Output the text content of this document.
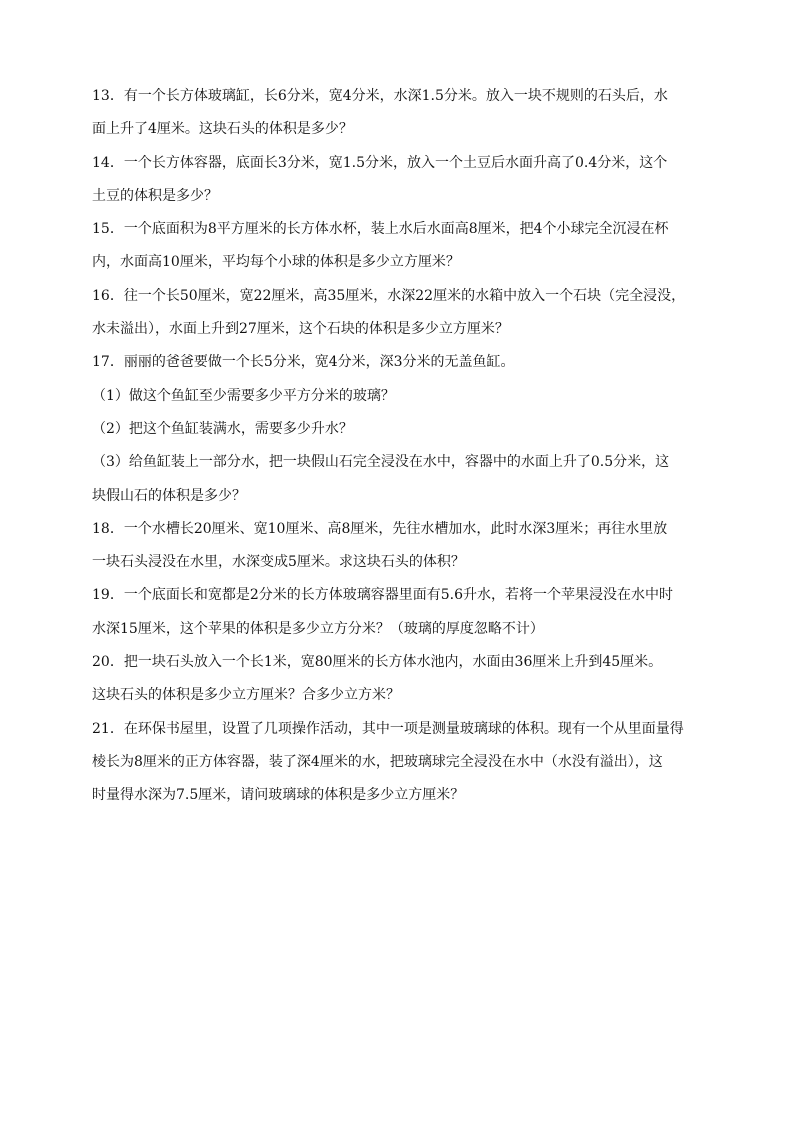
13．有一个长方体玻璃缸，长6分米，宽4分米，水深1.5分米。放入一块不规则的石头后，水
面上升了4厘米。这块石头的体积是多少？
14．一个长方体容器，底面长3分米，宽1.5分米，放入一个土豆后水面升高了0.4分米，这个
土豆的体积是多少？
15．一个底面积为8平方厘米的长方体水杯，装上水后水面高8厘米，把4个小球完全沉浸在杯
内，水面高10厘米，平均每个小球的体积是多少立方厘米？
16．往一个长50厘米，宽22厘米，高35厘米，水深22厘米的水箱中放入一个石块（完全浸没，
水未溢出），水面上升到27厘米，这个石块的体积是多少立方厘米？
17．丽丽的爸爸要做一个长5分米，宽4分米，深3分米的无盖鱼缸。
（1）做这个鱼缸至少需要多少平方分米的玻璃？
（2）把这个鱼缸装满水，需要多少升水？
（3）给鱼缸装上一部分水，把一块假山石完全浸没在水中，容器中的水面上升了0.5分米，这
块假山石的体积是多少？
18．一个水槽长20厘米、宽10厘米、高8厘米，先往水槽加水，此时水深3厘米；再往水里放
一块石头浸没在水里，水深变成5厘米。求这块石头的体积？
19．一个底面长和宽都是2分米的长方体玻璃容器里面有5.6升水，若将一个苹果浸没在水中时
水深15厘米，这个苹果的体积是多少立方分米？（玻璃的厚度忽略不计）
20．把一块石头放入一个长1米，宽80厘米的长方体水池内，水面由36厘米上升到45厘米。
这块石头的体积是多少立方厘米？合多少立方米？
21．在环保书屋里，设置了几项操作活动，其中一项是测量玻璃球的体积。现有一个从里面量得
棱长为8厘米的正方体容器，装了深4厘米的水，把玻璃球完全浸没在水中（水没有溢出），这
时量得水深为7.5厘米，请问玻璃球的体积是多少立方厘米？
